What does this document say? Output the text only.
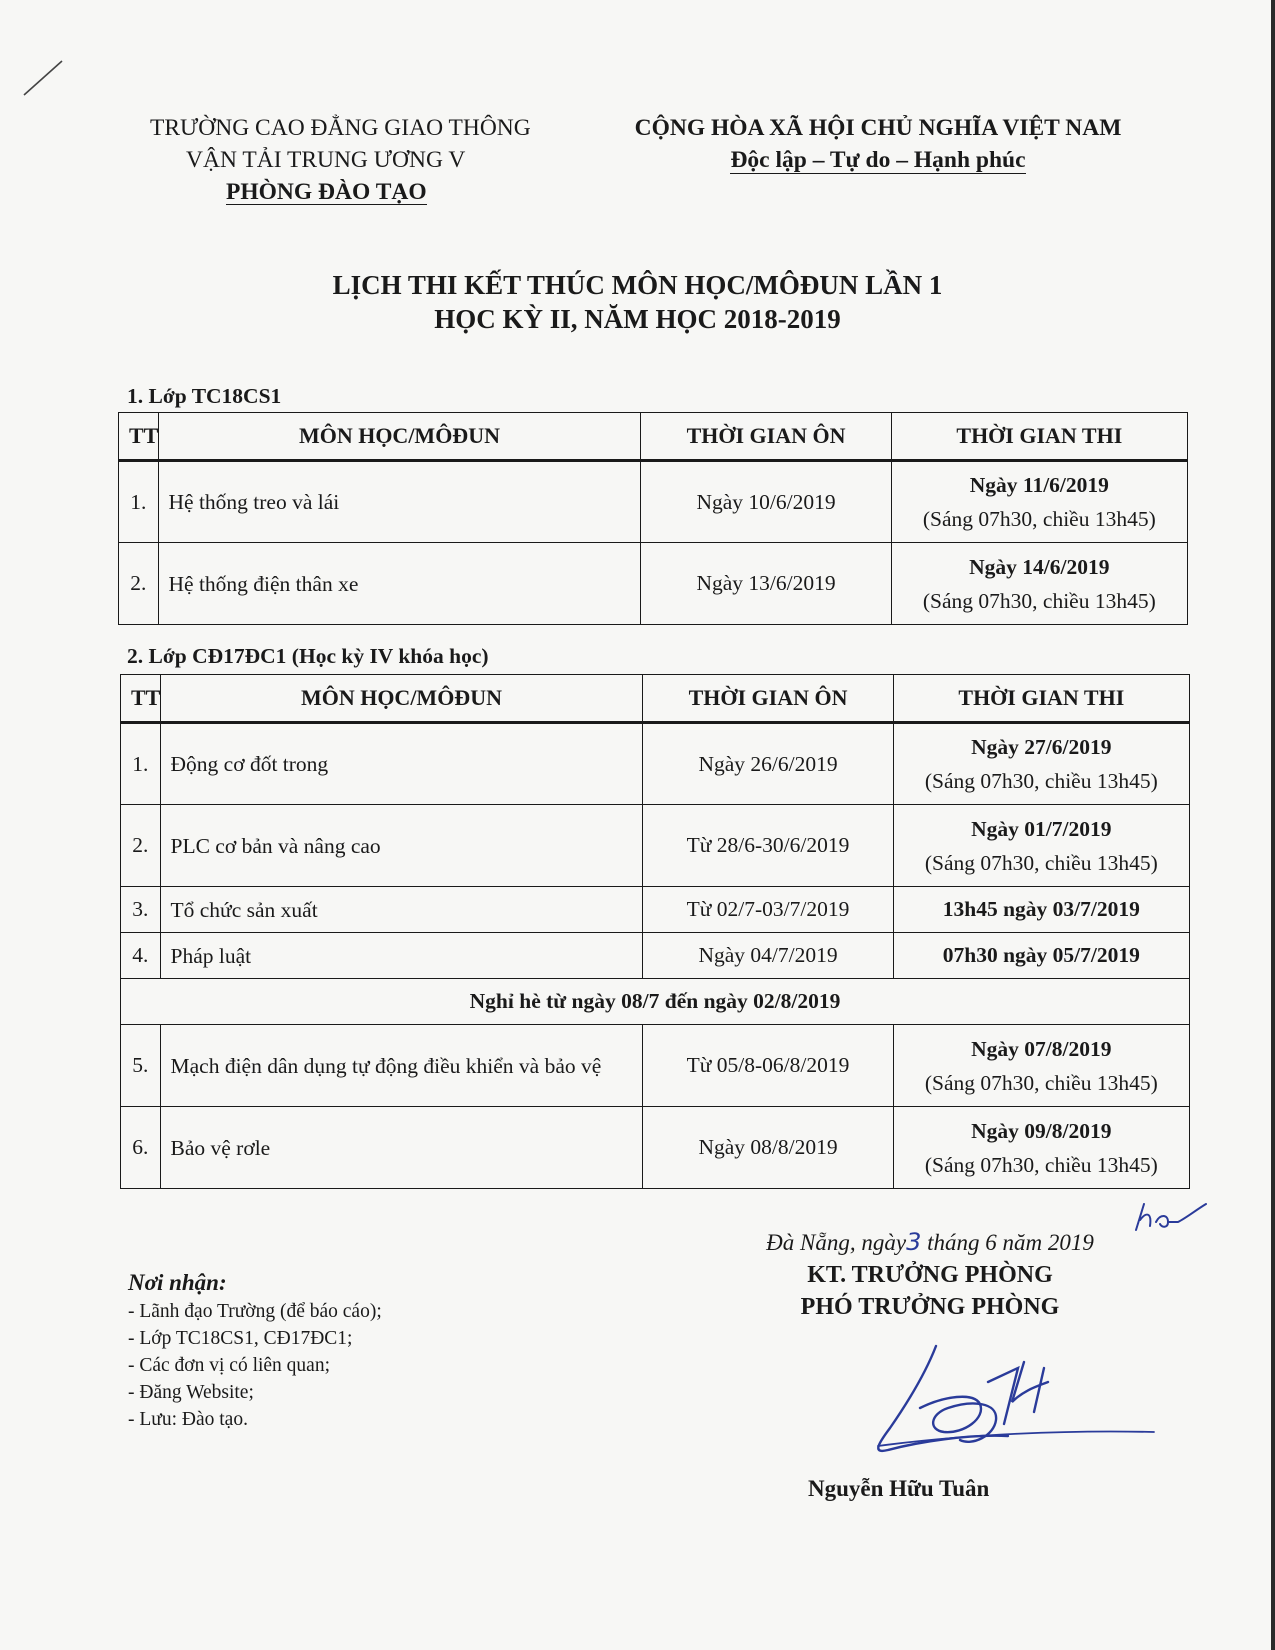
TRƯỜNG CAO ĐẲNG GIAO THÔNG
VẬN TẢI TRUNG ƯƠNG V
PHÒNG ĐÀO TẠO
CỘNG HÒA XÃ HỘI CHỦ NGHĨA VIỆT NAM
Độc lập – Tự do – Hạnh phúc
LỊCH THI KẾT THÚC MÔN HỌC/MÔĐUN LẦN 1
HỌC KỲ II, NĂM HỌC 2018-2019
1. Lớp TC18CS1
TT	MÔN HỌC/MÔĐUN	THỜI GIAN ÔN	THỜI GIAN THI
1.	Hệ thống treo và lái	Ngày 10/6/2019	Ngày 11/6/2019
(Sáng 07h30, chiều 13h45)

2.	Hệ thống điện thân xe	Ngày 13/6/2019	Ngày 14/6/2019
(Sáng 07h30, chiều 13h45)
2. Lớp CĐ17ĐC1 (Học kỳ IV khóa học)
TT	MÔN HỌC/MÔĐUN	THỜI GIAN ÔN	THỜI GIAN THI
1.	Động cơ đốt trong	Ngày 26/6/2019	Ngày 27/6/2019
(Sáng 07h30, chiều 13h45)

2.	PLC cơ bản và nâng cao	Từ 28/6-30/6/2019	Ngày 01/7/2019
(Sáng 07h30, chiều 13h45)

3.	Tổ chức sản xuất	Từ 02/7-03/7/2019	13h45 ngày 03/7/2019
4.	Pháp luật	Ngày 04/7/2019	07h30 ngày 05/7/2019
Nghỉ hè từ ngày 08/7 đến ngày 02/8/2019			
5.	Mạch điện dân dụng tự động điều khiển và bảo vệ	Từ 05/8-06/8/2019	Ngày 07/8/2019
(Sáng 07h30, chiều 13h45)

6.	Bảo vệ rơle	Ngày 08/8/2019	Ngày 09/8/2019
(Sáng 07h30, chiều 13h45)
Đà Nẵng, ngày3 tháng 6 năm 2019
KT. TRƯỞNG PHÒNG
PHÓ TRƯỞNG PHÒNG
Nguyễn Hữu Tuân
Nơi nhận:
- Lãnh đạo Trường (để báo cáo);
- Lớp TC18CS1, CĐ17ĐC1;
- Các đơn vị có liên quan;
- Đăng Website;
- Lưu: Đào tạo.
